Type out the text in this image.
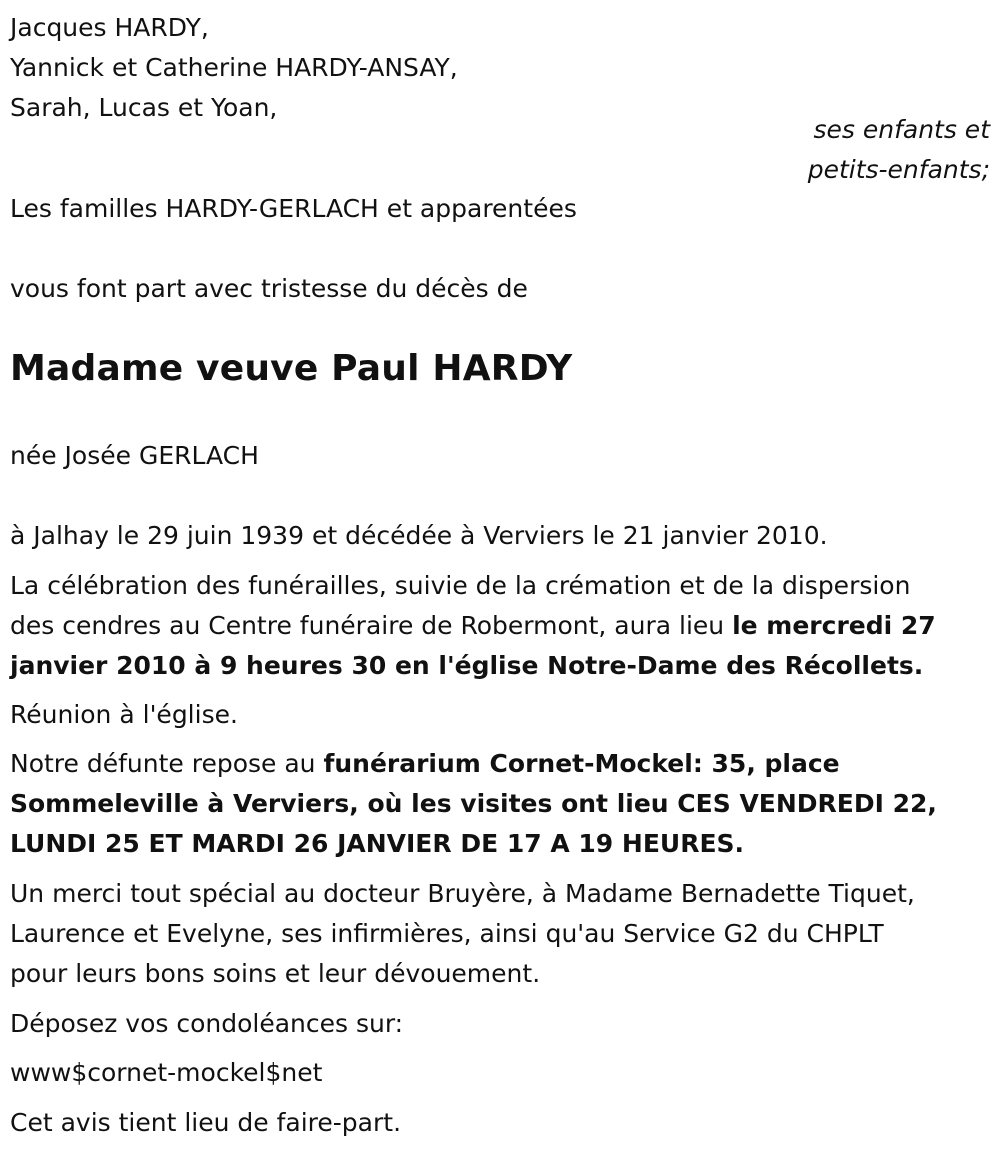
Jacques HARDY,
Yannick et Catherine HARDY-ANSAY,
Sarah, Lucas et Yoan,
ses enfants et
petits-enfants;
Les familles HARDY-GERLACH et apparentées
vous font part avec tristesse du décès de
Madame veuve Paul HARDY
née Josée GERLACH
à Jalhay le 29 juin 1939 et décédée à Verviers le 21 janvier 2010.
La célébration des funérailles, suivie de la crémation et de la dispersion
des cendres au Centre funéraire de Robermont, aura lieu le mercredi 27
janvier 2010 à 9 heures 30 en l'église Notre-Dame des Récollets.
Réunion à l'église.
Notre défunte repose au funérarium Cornet-Mockel: 35, place
Sommeleville à Verviers, où les visites ont lieu CES VENDREDI 22,
LUNDI 25 ET MARDI 26 JANVIER DE 17 A 19 HEURES.
Un merci tout spécial au docteur Bruyère, à Madame Bernadette Tiquet,
Laurence et Evelyne, ses infirmières, ainsi qu'au Service G2 du CHPLT
pour leurs bons soins et leur dévouement.
Déposez vos condoléances sur:
www$cornet-mockel$net
Cet avis tient lieu de faire-part.
